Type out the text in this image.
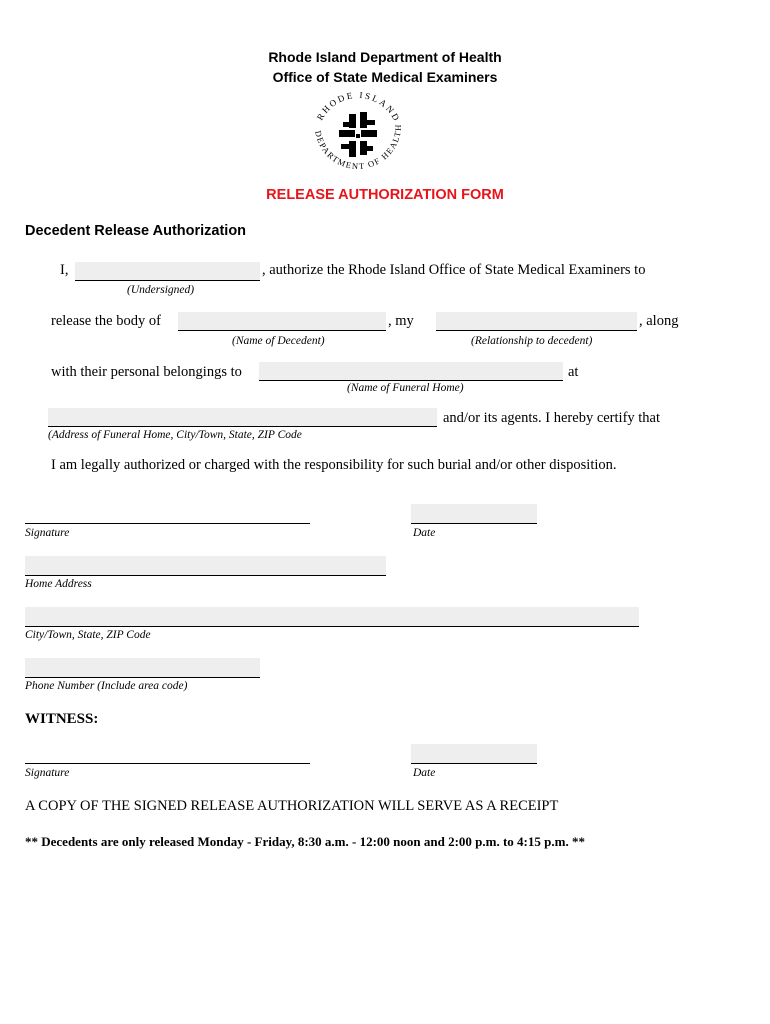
Rhode Island Department of Health
Office of State Medical Examiners
RHODE ISLAND
DEPARTMENT OF HEALTH
RELEASE AUTHORIZATION FORM
Decedent Release Authorization
I,	, authorize the Rhode Island Office of State Medical Examiners to
(Undersigned)
release the body of	, my	, along
(Name of Decedent)	(Relationship to decedent)
with their personal belongings to	at
(Name of Funeral Home)
and/or its agents. I hereby certify that
(Address of Funeral Home, City/Town, State, ZIP Code
I am legally authorized or charged with the responsibility for such burial and/or other disposition.
Signature	Date
Home Address
City/Town, State, ZIP Code
Phone Number (Include area code)
WITNESS:
Signature	Date
A COPY OF THE SIGNED RELEASE AUTHORIZATION WILL SERVE AS A RECEIPT
** Decedents are only released Monday - Friday, 8:30 a.m. - 12:00 noon and 2:00 p.m. to 4:15 p.m. **
